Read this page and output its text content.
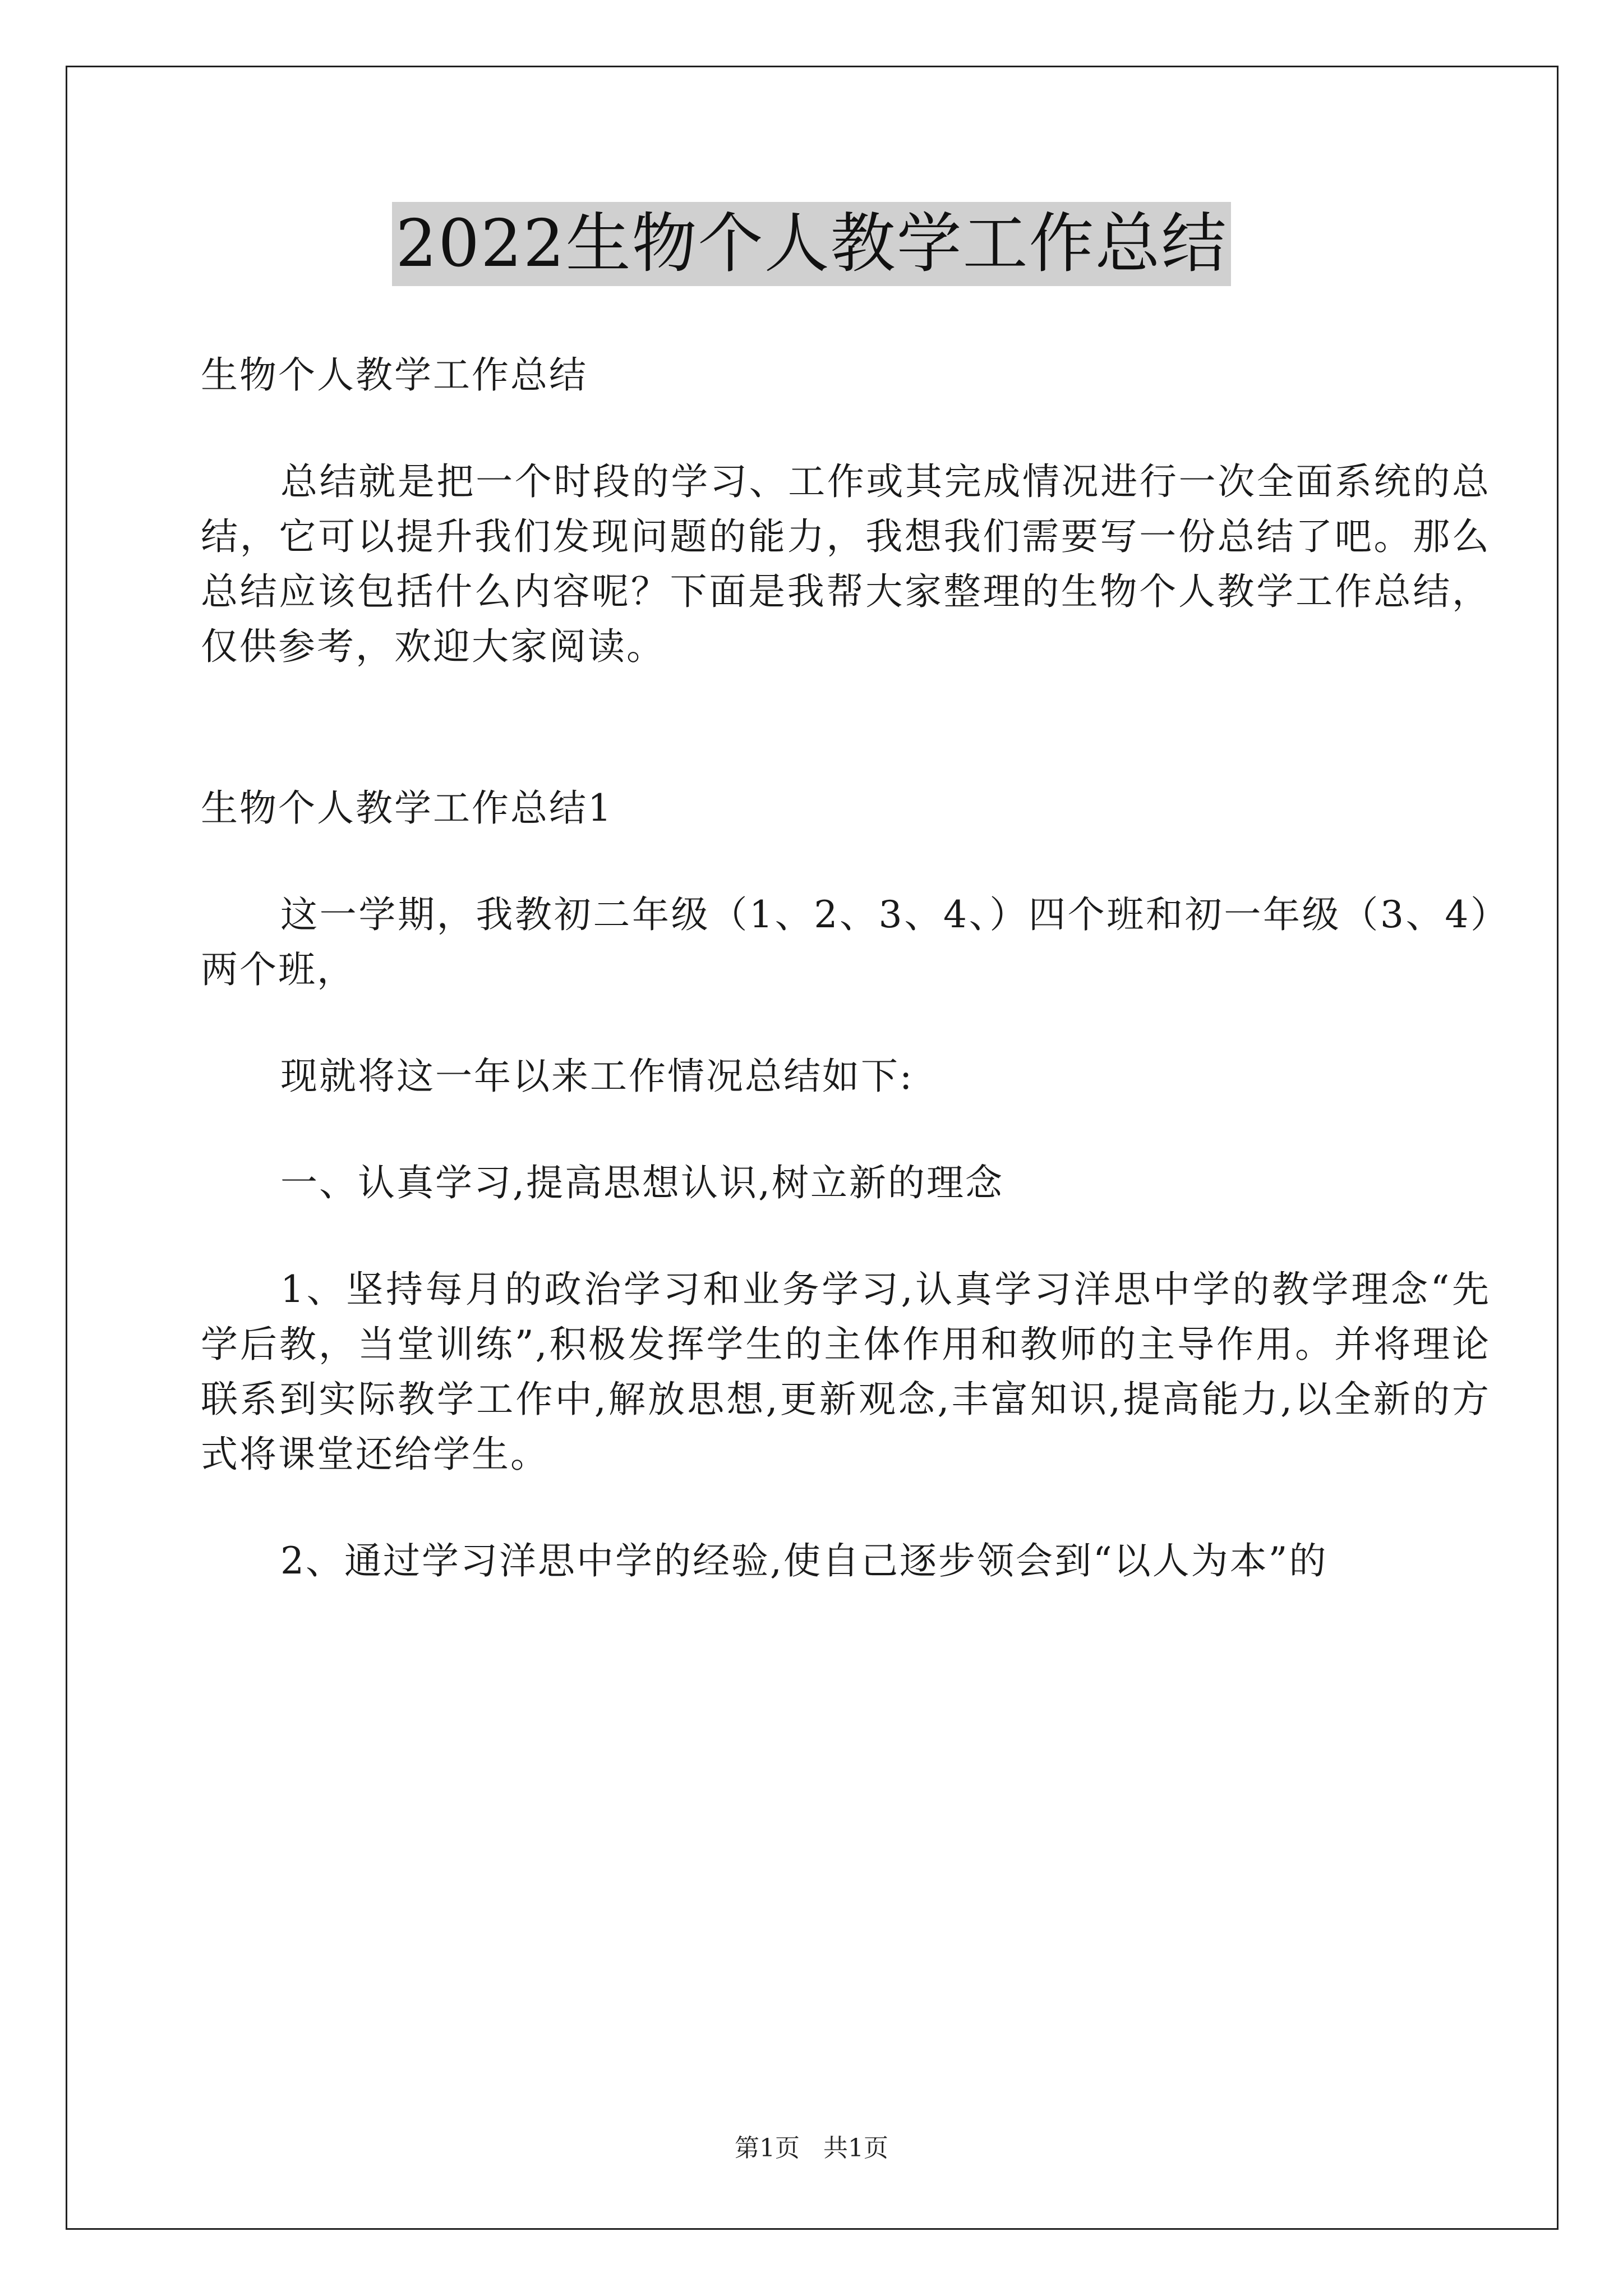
2022生物个人教学工作总结

生物个人教学工作总结

总结就是把一个时段的学习、工作或其完成情况进行一次全面系统的总结，它可以提升我们发现问题的能力，我想我们需要写一份总结了吧。那么总结应该包括什么内容呢？下面是我帮大家整理的生物个人教学工作总结，仅供参考，欢迎大家阅读。

生物个人教学工作总结1

这一学期，我教初二年级（1、2、3、4、）四个班和初一年级（3、4）两个班，

现就将这一年以来工作情况总结如下:

一、认真学习,提高思想认识,树立新的理念

1、坚持每月的政治学习和业务学习,认真学习洋思中学的教学理念“先学后教，当堂训练”,积极发挥学生的主体作用和教师的主导作用。并将理论联系到实际教学工作中,解放思想,更新观念,丰富知识,提高能力,以全新的方式将课堂还给学生。

2、通过学习洋思中学的经验,使自己逐步领会到“以人为本”的

第1页   共1页
